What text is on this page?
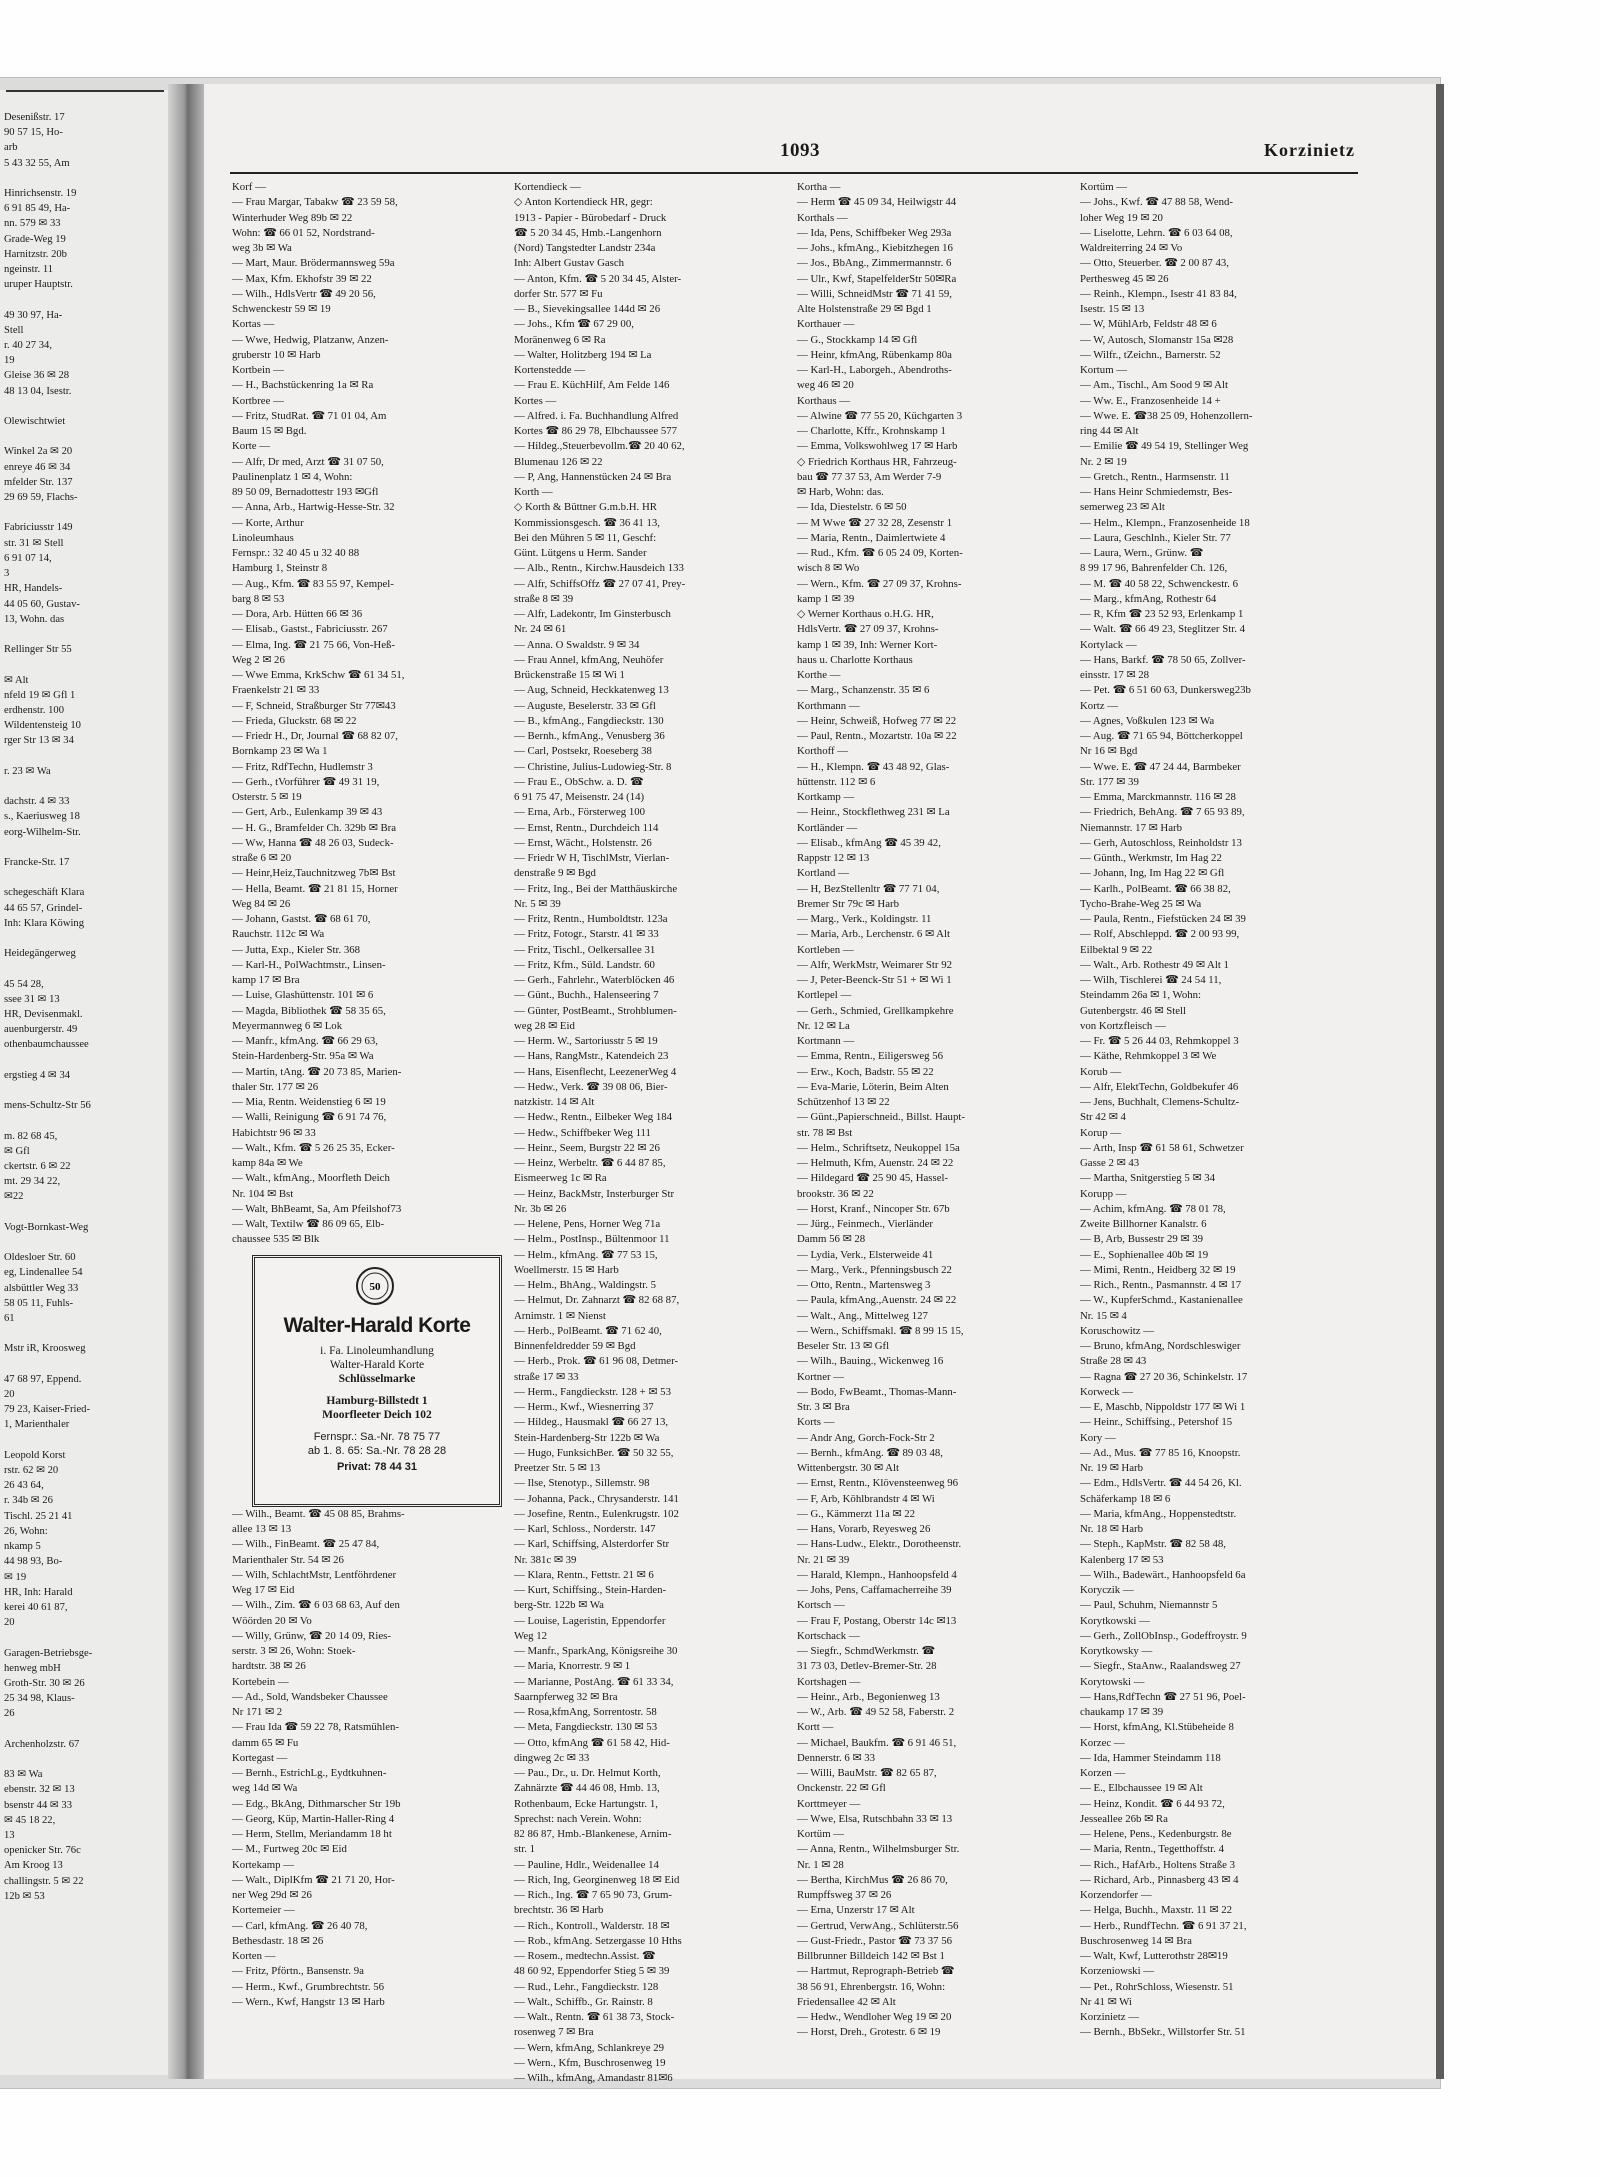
Desenißstr. 17
90 57 15, Ho-
arb
5 43 32 55, Am

Hinrichsenstr. 19
6 91 85 49, Ha-
nn. 579 ✉ 33
Grade-Weg 19
Harnitzstr. 20b
ngeinstr. 11
uruper Hauptstr.

49 30 97, Ha-
Stell
r. 40 27 34,
19
Gleise 36 ✉ 28
48 13 04, Isestr.

Olewischtwiet

Winkel 2a ✉ 20
enreye 46 ✉ 34
mfelder Str. 137
29 69 59, Flachs-

Fabriciusstr 149
str. 31 ✉ Stell
6 91 07 14,
3
HR, Handels-
44 05 60, Gustav-
13, Wohn. das

Rellinger Str 55

✉ Alt
nfeld 19 ✉ Gfl 1
erdhenstr. 100
Wildentensteig 10
rger Str 13 ✉ 34

r. 23 ✉ Wa

dachstr. 4 ✉ 33
s., Kaeriusweg 18
eorg-Wilhelm-Str.

Francke-Str. 17

schegeschäft Klara
44 65 57, Grindel-
Inh: Klara Köwing

Heidegängerweg

45 54 28,
ssee 31 ✉ 13
HR, Devisenmakl.
auenburgerstr. 49
othenbaumchaussee

ergstieg 4 ✉ 34

mens-Schultz-Str 56

m. 82 68 45,
✉ Gfl
ckertstr. 6 ✉ 22
mt. 29 34 22,
✉22

Vogt-Bornkast-Weg

Oldesloer Str. 60
eg, Lindenallee 54
alsbüttler Weg 33
58 05 11, Fuhls-
61

Mstr iR, Kroosweg

47 68 97, Eppend.
20
79 23, Kaiser-Fried-
1, Marienthaler

Leopold Korst
rstr. 62 ✉ 20
26 43 64,
r. 34b ✉ 26
Tischl. 25 21 41
26, Wohn:
nkamp 5
44 98 93, Bo-
✉ 19
HR, Inh: Harald
kerei 40 61 87,
20

Garagen-Betriebsge-
henweg mbH
Groth-Str. 30 ✉ 26
25 34 98, Klaus-
26

Archenholzstr. 67

83 ✉ Wa
ebenstr. 32 ✉ 13
bsenstr 44 ✉ 33
✉ 45 18 22,
13
openicker Str. 76c
Am Kroog 13
challingstr. 5 ✉ 22
12b ✉ 53
1093	Korzinietz
Korf —
— Frau Margar, Tabakw ☎ 23 59 58,
Winterhuder Weg 89b ✉ 22
Wohn: ☎ 66 01 52, Nordstrand-
weg 3b ✉ Wa
— Mart, Maur. Brödermannsweg 59a
— Max, Kfm. Ekhofstr 39 ✉ 22
— Wilh., HdlsVertr ☎ 49 20 56,
Schwenckestr 59 ✉ 19
Kortas —
— Wwe, Hedwig, Platzanw, Anzen-
gruberstr 10 ✉ Harb
Kortbein —
— H., Bachstückenring 1a ✉ Ra
Kortbree —
— Fritz, StudRat. ☎ 71 01 04, Am
Baum 15 ✉ Bgd.
Korte —
— Alfr, Dr med, Arzt ☎ 31 07 50,
Paulinenplatz 1 ✉ 4, Wohn:
89 50 09, Bernadottestr 193 ✉Gfl
— Anna, Arb., Hartwig-Hesse-Str. 32
— Korte, Arthur
Linoleumhaus
Fernspr.: 32 40 45 u 32 40 88
Hamburg 1, Steinstr 8
— Aug., Kfm. ☎ 83 55 97, Kempel-
barg 8 ✉ 53
— Dora, Arb. Hütten 66 ✉ 36
— Elisab., Gastst., Fabriciusstr. 267
— Elma, Ing. ☎ 21 75 66, Von-Heß-
Weg 2 ✉ 26
— Wwe Emma, KrkSchw ☎ 61 34 51,
Fraenkelstr 21 ✉ 33
— F, Schneid, Straßburger Str 77✉43
— Frieda, Gluckstr. 68 ✉ 22
— Friedr H., Dr, Journal ☎ 68 82 07,
Bornkamp 23 ✉ Wa 1
— Fritz, RdfTechn, Hudlemstr 3
— Gerh., tVorführer ☎ 49 31 19,
Osterstr. 5 ✉ 19
— Gert, Arb., Eulenkamp 39 ✉ 43
— H. G., Bramfelder Ch. 329b ✉ Bra
— Ww, Hanna ☎ 48 26 03, Sudeck-
straße 6 ✉ 20
— Heinr,Heiz,Tauchnitzweg 7b✉ Bst
— Hella, Beamt. ☎ 21 81 15, Horner
Weg 84 ✉ 26
— Johann, Gastst. ☎ 68 61 70,
Rauchstr. 112c ✉ Wa
— Jutta, Exp., Kieler Str. 368
— Karl-H., PolWachtmstr., Linsen-
kamp 17 ✉ Bra
— Luise, Glashüttenstr. 101 ✉ 6
— Magda, Bibliothek ☎ 58 35 65,
Meyermannweg 6 ✉ Lok
— Manfr., kfmAng. ☎ 66 29 63,
Stein-Hardenberg-Str. 95a ✉ Wa
— Martin, tAng. ☎ 20 73 85, Marien-
thaler Str. 177 ✉ 26
— Mia, Rentn. Weidenstieg 6 ✉ 19
— Walli, Reinigung ☎ 6 91 74 76,
Habichtstr 96 ✉ 33
— Walt., Kfm. ☎ 5 26 25 35, Ecker-
kamp 84a ✉ We
— Walt., kfmAng., Moorfleth Deich
Nr. 104 ✉ Bst
— Walt, BhBeamt, Sa, Am Pfeilshof73
— Walt, Textilw ☎ 86 09 65, Elb-
chaussee 535 ✉ Blk

— Wilh., Beamt. ☎ 45 08 85, Brahms-
allee 13 ✉ 13
— Wilh., FinBeamt. ☎ 25 47 84,
Marienthaler Str. 54 ✉ 26
— Wilh, SchlachtMstr, Lentföhrdener
Weg 17 ✉ Eid
— Wilh., Zim. ☎ 6 03 68 63, Auf den
Wöörden 20 ✉ Vo
— Willy, Grünw, ☎ 20 14 09, Ries-
serstr. 3 ✉ 26, Wohn: Stoek-
hardtstr. 38 ✉ 26
Kortebein —
— Ad., Sold, Wandsbeker Chaussee
Nr 171 ✉ 2
— Frau Ida ☎ 59 22 78, Ratsmühlen-
damm 65 ✉ Fu
Kortegast —
— Bernh., EstrichLg., Eydtkuhnen-
weg 14d ✉ Wa
— Edg., BkAng, Dithmarscher Str 19b
— Georg, Küp, Martin-Haller-Ring 4
— Herm, Stellm, Meriandamm 18 ht
— M., Furtweg 20c ✉ Eid
Kortekamp —
— Walt., DiplKfm ☎ 21 71 20, Hor-
ner Weg 29d ✉ 26
Kortemeier —
— Carl, kfmAng. ☎ 26 40 78,
Bethesdastr. 18 ✉ 26
Korten —
— Fritz, Pförtn., Bansenstr. 9a
— Herm., Kwf., Grumbrechtstr. 56
— Wern., Kwf, Hangstr 13 ✉ Harb
Kortendieck —
◇ Anton Kortendieck HR, gegr:
1913 - Papier - Bürobedarf - Druck
☎ 5 20 34 45, Hmb.-Langenhorn
(Nord) Tangstedter Landstr 234a
Inh: Albert Gustav Gasch
— Anton, Kfm. ☎ 5 20 34 45, Alster-
dorfer Str. 577 ✉ Fu
— B., Sievekingsallee 144d ✉ 26
— Johs., Kfm ☎ 67 29 00,
Moränenweg 6 ✉ Ra
— Walter, Holitzberg 194 ✉ La
Kortenstedde —
— Frau E. KüchHilf, Am Felde 146
Kortes —
— Alfred. i. Fa. Buchhandlung Alfred
Kortes ☎ 86 29 78, Elbchaussee 577
— Hildeg.,Steuerbevollm.☎ 20 40 62,
Blumenau 126 ✉ 22
— P, Ang, Hannenstücken 24 ✉ Bra
Korth —
◇ Korth & Büttner G.m.b.H. HR
Kommissionsgesch. ☎ 36 41 13,
Bei den Mühren 5 ✉ 11, Geschf:
Günt. Lütgens u Herm. Sander
— Alb., Rentn., Kirchw.Hausdeich 133
— Alfr, SchiffsOffz ☎ 27 07 41, Prey-
straße 8 ✉ 39
— Alfr, Ladekontr, Im Ginsterbusch
Nr. 24 ✉ 61
— Anna. O Swaldstr. 9 ✉ 34
— Frau Annel, kfmAng, Neuhöfer
Brückenstraße 15 ✉ Wi 1
— Aug, Schneid, Heckkatenweg 13
— Auguste, Beselerstr. 33 ✉ Gfl
— B., kfmAng., Fangdieckstr. 130
— Bernh., kfmAng., Venusberg 36
— Carl, Postsekr, Roeseberg 38
— Christine, Julius-Ludowieg-Str. 8
— Frau E., ObSchw. a. D. ☎
6 91 75 47, Meisenstr. 24 (14)
— Erna, Arb., Försterweg 100
— Ernst, Rentn., Durchdeich 114
— Ernst, Wächt., Holstenstr. 26
— Friedr W H, TischlMstr, Vierlan-
denstraße 9 ✉ Bgd
— Fritz, Ing., Bei der Matthäuskirche
Nr. 5 ✉ 39
— Fritz, Rentn., Humboldtstr. 123a
— Fritz, Fotogr., Starstr. 41 ✉ 33
— Fritz, Tischl., Oelkersallee 31
— Fritz, Kfm., Süld. Landstr. 60
— Gerh., Fahrlehr., Waterblöcken 46
— Günt., Buchh., Halenseering 7
— Günter, PostBeamt., Strohblumen-
weg 28 ✉ Eid
— Herm. W., Sartoriusstr 5 ✉ 19
— Hans, RangMstr., Katendeich 23
— Hans, Eisenflecht, LeezenerWeg 4
— Hedw., Verk. ☎ 39 08 06, Bier-
natzkistr. 14 ✉ Alt
— Hedw., Rentn., Eilbeker Weg 184
— Hedw., Schiffbeker Weg 111
— Heinr., Seem, Burgstr 22 ✉ 26
— Heinz, Werbeltr. ☎ 6 44 87 85,
Eismeerweg 1c ✉ Ra
— Heinz, BackMstr, Insterburger Str
Nr. 3b ✉ 26
— Helene, Pens, Horner Weg 71a
— Helm., PostInsp., Bültenmoor 11
— Helm., kfmAng. ☎ 77 53 15,
Woellmerstr. 15 ✉ Harb
— Helm., BhAng., Waldingstr. 5
— Helmut, Dr. Zahnarzt ☎ 82 68 87,
Arnimstr. 1 ✉ Nienst
— Herb., PolBeamt. ☎ 71 62 40,
Binnenfeldredder 59 ✉ Bgd
— Herb., Prok. ☎ 61 96 08, Detmer-
straße 17 ✉ 33
— Herm., Fangdieckstr. 128 + ✉ 53
— Herm., Kwf., Wiesnerring 37
— Hildeg., Hausmakl ☎ 66 27 13,
Stein-Hardenberg-Str 122b ✉ Wa
— Hugo, FunksichBer. ☎ 50 32 55,
Preetzer Str. 5 ✉ 13
— Ilse, Stenotyp., Sillemstr. 98
— Johanna, Pack., Chrysanderstr. 141
— Josefine, Rentn., Eulenkrugstr. 102
— Karl, Schloss., Norderstr. 147
— Karl, Schiffsing, Alsterdorfer Str
Nr. 381c ✉ 39
— Klara, Rentn., Fettstr. 21 ✉ 6
— Kurt, Schiffsing., Stein-Harden-
berg-Str. 122b ✉ Wa
— Louise, Lageristin, Eppendorfer
Weg 12
— Manfr., SparkAng, Königsreihe 30
— Maria, Knorrestr. 9 ✉ 1
— Marianne, PostAng. ☎ 61 33 34,
Saarnpferweg 32 ✉ Bra
— Rosa,kfmAng, Sorrentostr. 58
— Meta, Fangdieckstr. 130 ✉ 53
— Otto, kfmAng ☎ 61 58 42, Hid-
dingweg 2c ✉ 33
— Pau., Dr., u. Dr. Helmut Korth,
Zahnärzte ☎ 44 46 08, Hmb. 13,
Rothenbaum, Ecke Hartungstr. 1,
Sprechst: nach Verein. Wohn:
82 86 87, Hmb.-Blankenese, Arnim-
str. 1
— Pauline, Hdlr., Weidenallee 14
— Rich, Ing, Georginenweg 18 ✉ Eid
— Rich., Ing. ☎ 7 65 90 73, Grum-
brechtstr. 36 ✉ Harb
— Rich., Kontroll., Walderstr. 18 ✉
— Rob., kfmAng. Setzergasse 10 Hths
— Rosem., medtechn.Assist. ☎
48 60 92, Eppendorfer Stieg 5 ✉ 39
— Rud., Lehr., Fangdieckstr. 128
— Walt., Schiffb., Gr. Rainstr. 8
— Walt., Rentn. ☎ 61 38 73, Stock-
rosenweg 7 ✉ Bra
— Wern, kfmAng, Schlankreye 29
— Wern., Kfm, Buschrosenweg 19
— Wilh., kfmAng, Amandastr 81✉6
Kortha —
— Herm ☎ 45 09 34, Heilwigstr 44
Korthals —
— Ida, Pens, Schiffbeker Weg 293a
— Johs., kfmAng., Kiebitzhegen 16
— Jos., BbAng., Zimmermannstr. 6
— Ulr., Kwf, StapelfelderStr 50✉Ra
— Willi, SchneidMstr ☎ 71 41 59,
Alte Holstenstraße 29 ✉ Bgd 1
Korthauer —
— G., Stockkamp 14 ✉ Gfl
— Heinr, kfmAng, Rübenkamp 80a
— Karl-H., Laborgeh., Abendroths-
weg 46 ✉ 20
Korthaus —
— Alwine ☎ 77 55 20, Küchgarten 3
— Charlotte, Kffr., Krohnskamp 1
— Emma, Volkswohlweg 17 ✉ Harb
◇ Friedrich Korthaus HR, Fahrzeug-
bau ☎ 77 37 53, Am Werder 7-9
✉ Harb, Wohn: das.
— Ida, Diestelstr. 6 ✉ 50
— M Wwe ☎ 27 32 28, Zesenstr 1
— Maria, Rentn., Daimlertwiete 4
— Rud., Kfm. ☎ 6 05 24 09, Korten-
wisch 8 ✉ Wo
— Wern., Kfm. ☎ 27 09 37, Krohns-
kamp 1 ✉ 39
◇ Werner Korthaus o.H.G. HR,
HdlsVertr. ☎ 27 09 37, Krohns-
kamp 1 ✉ 39, Inh: Werner Kort-
haus u. Charlotte Korthaus
Korthe —
— Marg., Schanzenstr. 35 ✉ 6
Korthmann —
— Heinr, Schweiß, Hofweg 77 ✉ 22
— Paul, Rentn., Mozartstr. 10a ✉ 22
Korthoff —
— H., Klempn. ☎ 43 48 92, Glas-
hüttenstr. 112 ✉ 6
Kortkamp —
— Heinr., Stockflethweg 231 ✉ La
Kortländer —
— Elisab., kfmAng ☎ 45 39 42,
Rappstr 12 ✉ 13
Kortland —
— H, BezStellenltr ☎ 77 71 04,
Bremer Str 79c ✉ Harb
— Marg., Verk., Koldingstr. 11
— Maria, Arb., Lerchenstr. 6 ✉ Alt
Kortleben —
— Alfr, WerkMstr, Weimarer Str 92
— J, Peter-Beenck-Str 51 + ✉ Wi 1
Kortlepel —
— Gerh., Schmied, Grellkampkehre
Nr. 12 ✉ La
Kortmann —
— Emma, Rentn., Eiligersweg 56
— Erw., Koch, Badstr. 55 ✉ 22
— Eva-Marie, Löterin, Beim Alten
Schützenhof 13 ✉ 22
— Günt.,Papierschneid., Billst. Haupt-
str. 78 ✉ Bst
— Helm., Schriftsetz, Neukoppel 15a
— Helmuth, Kfm, Auenstr. 24 ✉ 22
— Hildegard ☎ 25 90 45, Hassel-
brookstr. 36 ✉ 22
— Horst, Kranf., Nincoper Str. 67b
— Jürg., Feinmech., Vierländer
Damm 56 ✉ 28
— Lydia, Verk., Elsterweide 41
— Marg., Verk., Pfenningsbusch 22
— Otto, Rentn., Martensweg 3
— Paula, kfmAng.,Auenstr. 24 ✉ 22
— Walt., Ang., Mittelweg 127
— Wern., Schiffsmakl. ☎ 8 99 15 15,
Beseler Str. 13 ✉ Gfl
— Wilh., Bauing., Wickenweg 16
Kortner —
— Bodo, FwBeamt., Thomas-Mann-
Str. 3 ✉ Bra
Korts —
— Andr Ang, Gorch-Fock-Str 2
— Bernh., kfmAng. ☎ 89 03 48,
Wittenbergstr. 30 ✉ Alt
— Ernst, Rentn., Klövensteenweg 96
— F, Arb, Köhlbrandstr 4 ✉ Wi
— G., Kämmerzt 11a ✉ 22
— Hans, Vorarb, Reyesweg 26
— Hans-Ludw., Elektr., Dorotheenstr.
Nr. 21 ✉ 39
— Harald, Klempn., Hanhoopsfeld 4
— Johs, Pens, Caffamacherreihe 39
Kortsch —
— Frau F, Postang, Oberstr 14c ✉13
Kortschack —
— Siegfr., SchmdWerkmstr. ☎
31 73 03, Detlev-Bremer-Str. 28
Kortshagen —
— Heinr., Arb., Begonienweg 13
— W., Arb. ☎ 49 52 58, Faberstr. 2
Kortt —
— Michael, Baukfm. ☎ 6 91 46 51,
Dennerstr. 6 ✉ 33
— Willi, BauMstr. ☎ 82 65 87,
Onckenstr. 22 ✉ Gfl
Korttmeyer —
— Wwe, Elsa, Rutschbahn 33 ✉ 13
Kortüm —
— Anna, Rentn., Wilhelmsburger Str.
Nr. 1 ✉ 28
— Bertha, KirchMus ☎ 26 86 70,
Rumpffsweg 37 ✉ 26
— Erna, Unzerstr 17 ✉ Alt
— Gertrud, VerwAng., Schlüterstr.56
— Gust-Friedr., Pastor ☎ 73 37 56
Billbrunner Billdeich 142 ✉ Bst 1
— Hartmut, Reprograph-Betrieb ☎
38 56 91, Ehrenbergstr. 16, Wohn:
Friedensallee 42 ✉ Alt
— Hedw., Wendloher Weg 19 ✉ 20
— Horst, Dreh., Grotestr. 6 ✉ 19
Kortüm —
— Johs., Kwf. ☎ 47 88 58, Wend-
loher Weg 19 ✉ 20
— Liselotte, Lehrn. ☎ 6 03 64 08,
Waldreiterring 24 ✉ Vo
— Otto, Steuerber. ☎ 2 00 87 43,
Perthesweg 45 ✉ 26
— Reinh., Klempn., Isestr 41 83 84,
Isestr. 15 ✉ 13
— W, MühlArb, Feldstr 48 ✉ 6
— W, Autosch, Slomanstr 15a ✉28
— Wilfr., tZeichn., Barnerstr. 52
Kortum —
— Am., Tischl., Am Sood 9 ✉ Alt
— Ww. E., Franzosenheide 14 +
— Wwe. E. ☎38 25 09, Hohenzollern-
ring 44 ✉ Alt
— Emilie ☎ 49 54 19, Stellinger Weg
Nr. 2 ✉ 19
— Gretch., Rentn., Harmsenstr. 11
— Hans Heinr Schmiedemstr, Bes-
semerweg 23 ✉ Alt
— Helm., Klempn., Franzosenheide 18
— Laura, Geschlnh., Kieler Str. 77
— Laura, Wern., Grünw. ☎
8 99 17 96, Bahrenfelder Ch. 126,
— M. ☎ 40 58 22, Schwenckestr. 6
— Marg., kfmAng, Rothestr 64
— R, Kfm ☎ 23 52 93, Erlenkamp 1
— Walt. ☎ 66 49 23, Steglitzer Str. 4
Kortylack —
— Hans, Barkf. ☎ 78 50 65, Zollver-
einsstr. 17 ✉ 28
— Pet. ☎ 6 51 60 63, Dunkersweg23b
Kortz —
— Agnes, Voßkulen 123 ✉ Wa
— Aug. ☎ 71 65 94, Böttcherkoppel
Nr 16 ✉ Bgd
— Wwe. E. ☎ 47 24 44, Barmbeker
Str. 177 ✉ 39
— Emma, Marckmannstr. 116 ✉ 28
— Friedrich, BehAng. ☎ 7 65 93 89,
Niemannstr. 17 ✉ Harb
— Gerh, Autoschloss, Reinholdstr 13
— Günth., Werkmstr, Im Hag 22
— Johann, Ing, Im Hag 22 ✉ Gfl
— Karlh., PolBeamt. ☎ 66 38 82,
Tycho-Brahe-Weg 25 ✉ Wa
— Paula, Rentn., Fiefstücken 24 ✉ 39
— Rolf, Abschleppd. ☎ 2 00 93 99,
Eilbektal 9 ✉ 22
— Walt., Arb. Rothestr 49 ✉ Alt 1
— Wilh, Tischlerei ☎ 24 54 11,
Steindamm 26a ✉ 1, Wohn:
Gutenbergstr. 46 ✉ Stell
von Kortzfleisch —
— Fr. ☎ 5 26 44 03, Rehmkoppel 3
— Käthe, Rehmkoppel 3 ✉ We
Korub —
— Alfr, ElektTechn, Goldbekufer 46
— Jens, Buchhalt, Clemens-Schultz-
Str 42 ✉ 4
Korup —
— Arth, Insp ☎ 61 58 61, Schwetzer
Gasse 2 ✉ 43
— Martha, Snitgerstieg 5 ✉ 34
Korupp —
— Achim, kfmAng. ☎ 78 01 78,
Zweite Billhorner Kanalstr. 6
— B, Arb, Bussestr 29 ✉ 39
— E., Sophienallee 40b ✉ 19
— Mimi, Rentn., Heidberg 32 ✉ 19
— Rich., Rentn., Pasmannstr. 4 ✉ 17
— W., KupferSchmd., Kastanienallee
Nr. 15 ✉ 4
Koruschowitz —
— Bruno, kfmAng, Nordschleswiger
Straße 28 ✉ 43
— Ragna ☎ 27 20 36, Schinkelstr. 17
Korweck —
— E, Maschb, Nippoldstr 177 ✉ Wi 1
— Heinr., Schiffsing., Petershof 15
Kory —
— Ad., Mus. ☎ 77 85 16, Knoopstr.
Nr. 19 ✉ Harb
— Edm., HdlsVertr. ☎ 44 54 26, Kl.
Schäferkamp 18 ✉ 6
— Maria, kfmAng., Hoppenstedtstr.
Nr. 18 ✉ Harb
— Steph., KapMstr. ☎ 82 58 48,
Kalenberg 17 ✉ 53
— Wilh., Badewärt., Hanhoopsfeld 6a
Koryczik —
— Paul, Schuhm, Niemannstr 5
Korytkowski —
— Gerh., ZollObInsp., Godeffroystr. 9
Korytkowsky —
— Siegfr., StaAnw., Raalandsweg 27
Korytowski —
— Hans,RdfTechn ☎ 27 51 96, Poel-
chaukamp 17 ✉ 39
— Horst, kfmAng, Kl.Stübeheide 8
Korzec —
— Ida, Hammer Steindamm 118
Korzen —
— E., Elbchaussee 19 ✉ Alt
— Heinz, Kondit. ☎ 6 44 93 72,
Jesseallee 26b ✉ Ra
— Helene, Pens., Kedenburgstr. 8e
— Maria, Rentn., Tegetthoffstr. 4
— Rich., HafArb., Holtens Straße 3
— Richard, Arb., Pinnasberg 43 ✉ 4
Korzendorfer —
— Helga, Buchh., Maxstr. 11 ✉ 22
— Herb., RundfTechn. ☎ 6 91 37 21,
Buschrosenweg 14 ✉ Bra
— Walt, Kwf, Lutterothstr 28✉19
Korzeniowski —
— Pet., RohrSchloss, Wiesenstr. 51
Nr 41 ✉ Wi
Korzinietz —
— Bernh., BbSekr., Willstorfer Str. 51
50
Walter-Harald Korte
i. Fa. Linoleumhandlung
Walter-Harald Korte
Schlüsselmarke
Hamburg-Billstedt 1
Moorfleeter Deich 102
Fernspr.: Sa.-Nr. 78 75 77
ab 1. 8. 65: Sa.-Nr. 78 28 28
Privat: 78 44 31
